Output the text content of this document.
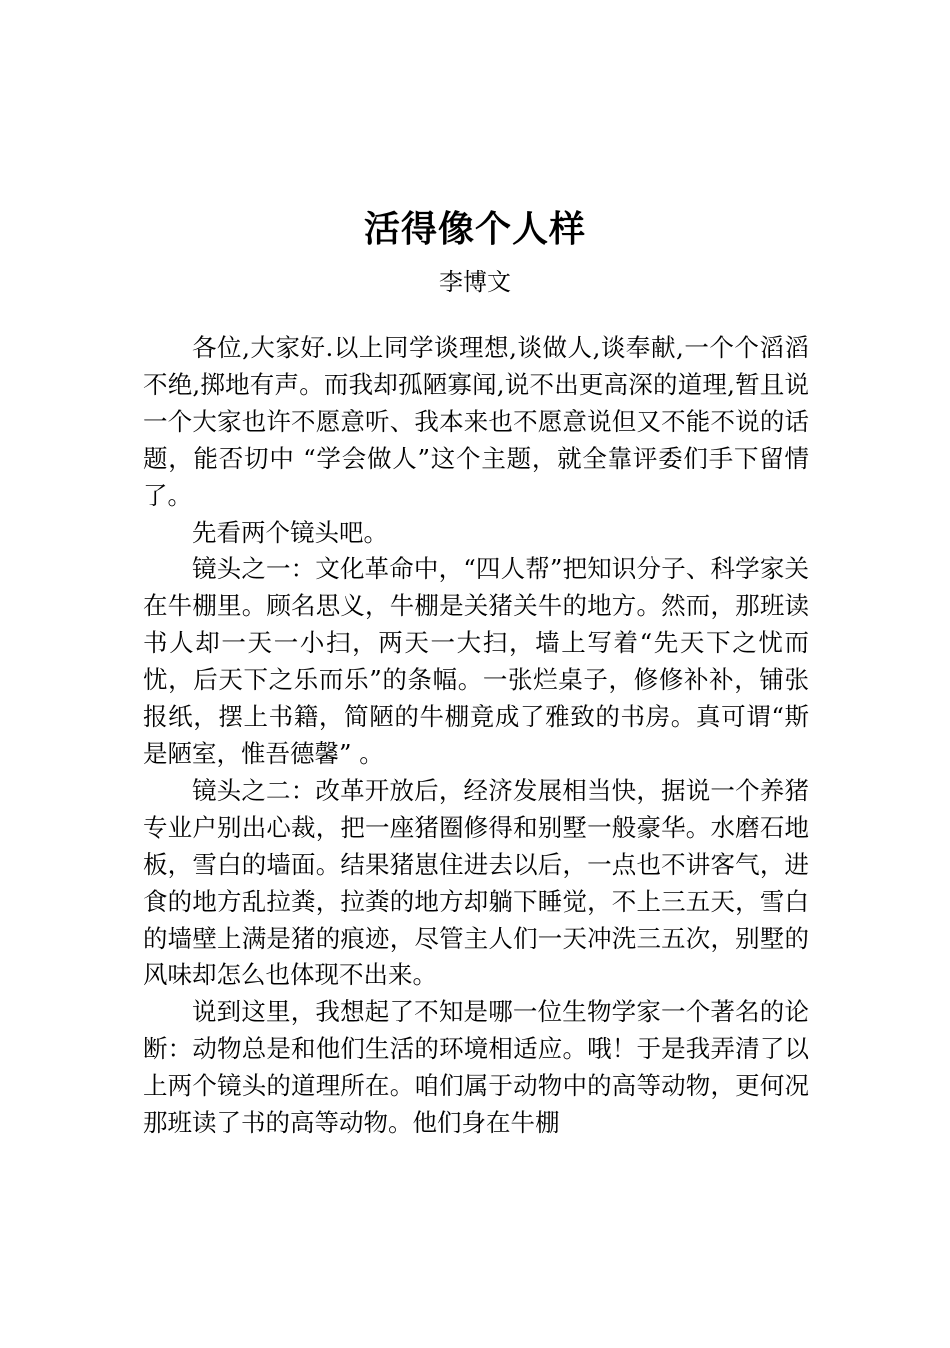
活得像个人样
李博文

各位,大家好.以上同学谈理想,谈做人,谈奉献,一个个滔滔不绝,掷地有声。而我却孤陋寡闻,说不出更高深的道理,暂且说一个大家也许不愿意听、我本来也不愿意说但又不能不说的话题，能否切中 “学会做人”这个主题，就全靠评委们手下留情了。

先看两个镜头吧。

镜头之一：文化革命中，“四人帮”把知识分子、科学家关在牛棚里。顾名思义，牛棚是关猪关牛的地方。然而，那班读书人却一天一小扫，两天一大扫，墙上写着“先天下之忧而忧，后天下之乐而乐”的条幅。一张烂桌子，修修补补，铺张报纸，摆上书籍，简陋的牛棚竟成了雅致的书房。真可谓“斯是陋室，惟吾德馨” 。

镜头之二：改革开放后，经济发展相当快，据说一个养猪专业户别出心裁，把一座猪圈修得和别墅一般豪华。水磨石地板，雪白的墙面。结果猪崽住进去以后，一点也不讲客气，进食的地方乱拉粪，拉粪的地方却躺下睡觉，不上三五天，雪白的墙壁上满是猪的痕迹，尽管主人们一天冲洗三五次，别墅的风味却怎么也体现不出来。

说到这里，我想起了不知是哪一位生物学家一个著名的论断：动物总是和他们生活的环境相适应。哦！于是我弄清了以上两个镜头的道理所在。咱们属于动物中的高等动物，更何况那班读了书的高等动物。他们身在牛棚
